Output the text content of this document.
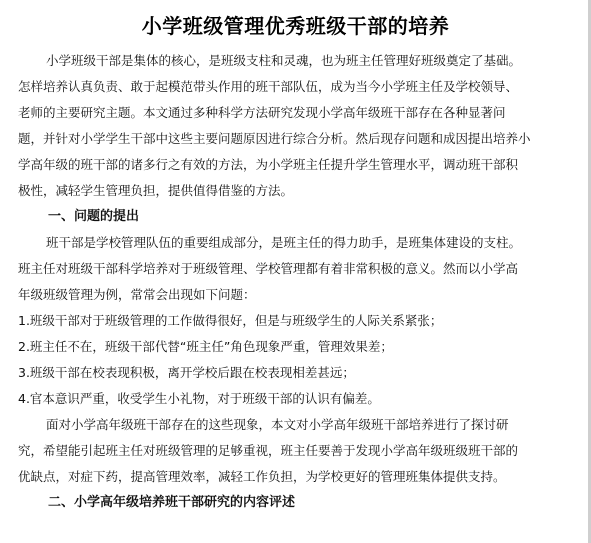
小学班级管理优秀班级干部的培养
小学班级干部是集体的核心，是班级支柱和灵魂，也为班主任管理好班级奠定了基础。
怎样培养认真负责、敢于起模范带头作用的班干部队伍，成为当今小学班主任及学校领导、
老师的主要研究主题。本文通过多种科学方法研究发现小学高年级班干部存在各种显著问
题，并针对小学学生干部中这些主要问题原因进行综合分析。然后现存问题和成因提出培养小
学高年级的班干部的诸多行之有效的方法，为小学班主任提升学生管理水平，调动班干部积
极性，减轻学生管理负担，提供值得借鉴的方法。
一、问题的提出
班干部是学校管理队伍的重要组成部分，是班主任的得力助手，是班集体建设的支柱。
班主任对班级干部科学培养对于班级管理、学校管理都有着非常积极的意义。然而以小学高
年级班级管理为例，常常会出现如下问题：
1.班级干部对于班级管理的工作做得很好，但是与班级学生的人际关系紧张；
2.班主任不在，班级干部代替“班主任”角色现象严重，管理效果差；
3.班级干部在校表现积极，离开学校后跟在校表现相差甚远；
4.官本意识严重，收受学生小礼物，对于班级干部的认识有偏差。
面对小学高年级班干部存在的这些现象，本文对小学高年级班干部培养进行了探讨研
究，希望能引起班主任对班级管理的足够重视，班主任要善于发现小学高年级班级班干部的
优缺点，对症下药，提高管理效率，减轻工作负担，为学校更好的管理班集体提供支持。
二、小学高年级培养班干部研究的内容评述
